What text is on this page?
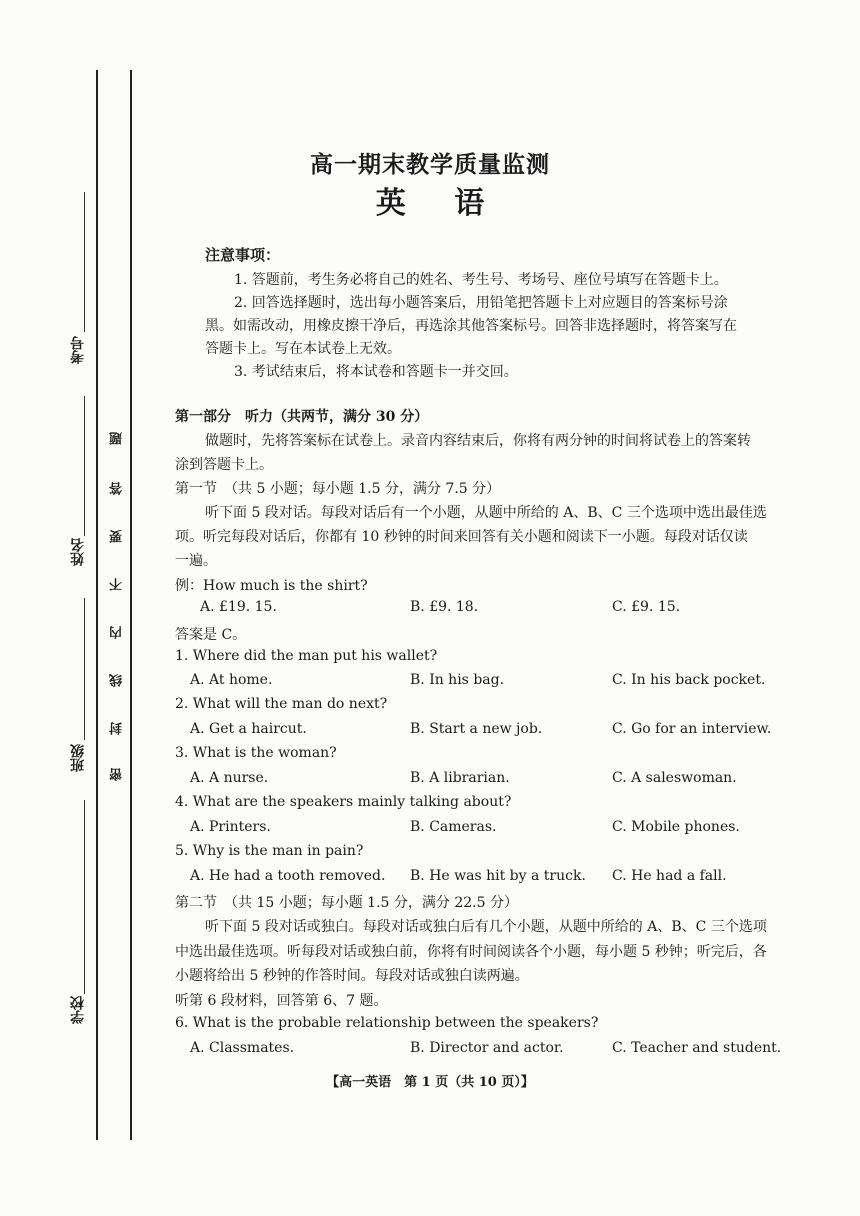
考号
姓名
班级
学校
题
答
要
不
内
线
封
密
高一期末教学质量监测
英 语
注意事项：
1. 答题前，考生务必将自己的姓名、考生号、考场号、座位号填写在答题卡上。
2. 回答选择题时，选出每小题答案后，用铅笔把答题卡上对应题目的答案标号涂
黑。如需改动，用橡皮擦干净后，再选涂其他答案标号。回答非选择题时，将答案写在
答题卡上。写在本试卷上无效。
3. 考试结束后，将本试卷和答题卡一并交回。
第一部分　听力（共两节，满分 30 分）
做题时，先将答案标在试卷上。录音内容结束后，你将有两分钟的时间将试卷上的答案转
涂到答题卡上。
第一节　（共 5 小题；每小题 1.5 分，满分 7.5 分）
听下面 5 段对话。每段对话后有一个小题，从题中所给的 A、B、C 三个选项中选出最佳选
项。听完每段对话后，你都有 10 秒钟的时间来回答有关小题和阅读下一小题。每段对话仅读
一遍。
例：How much is the shirt?
A. £19. 15.	B. £9. 18.	C. £9. 15.
答案是 C。
1. Where did the man put his wallet?
A. At home.	B. In his bag.	C. In his back pocket.
2. What will the man do next?
A. Get a haircut.	B. Start a new job.	C. Go for an interview.
3. What is the woman?
A. A nurse.	B. A librarian.	C. A saleswoman.
4. What are the speakers mainly talking about?
A. Printers.	B. Cameras.	C. Mobile phones.
5. Why is the man in pain?
A. He had a tooth removed. B. He was hit by a truck. C. He had a fall.
第二节　（共 15 小题；每小题 1.5 分，满分 22.5 分）
听下面 5 段对话或独白。每段对话或独白后有几个小题，从题中所给的 A、B、C 三个选项
中选出最佳选项。听每段对话或独白前，你将有时间阅读各个小题，每小题 5 秒钟；听完后，各
小题将给出 5 秒钟的作答时间。每段对话或独白读两遍。
听第 6 段材料，回答第 6、7 题。
6. What is the probable relationship between the speakers?
A. Classmates.	B. Director and actor.	C. Teacher and student.
【高一英语　第 1 页（共 10 页）】
